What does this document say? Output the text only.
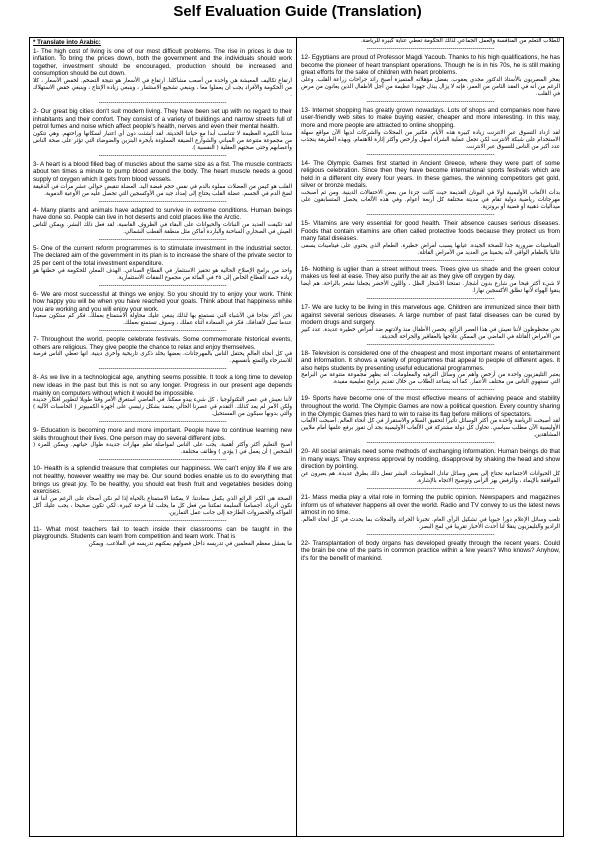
Self Evaluation Guide (Translation)
* Translate into Arabic:
1- The high cost of living is one of our most difficult problems. The rise in prices is due to inflation. To bring the prices down, both the government and the individuals should work together, investment should be encouraged, production should be increased and consumption should be cut down.
ارتفاع تكاليف المعيشة هي واحدة من أصعب مشاكلنا. ارتفاع في الأسعار هو نتيجة التضخم. لخفض الأسعار ، كلا من الحكومة والأفراد يجب أن يعملوا معا ، وينبغي تشجيع الاستثمار ، وينبغي زيادة الإنتاج ، وينبغي خفض الاستهلاك .
----------------------------------------------------------------
2- Our great big cities don't suit modern living. They have been set up with no regard to their inhabitants and their comfort. They consist of a variety of buildings and narrow streets full of petrol fumes and noise which affect people's health, nerves and even their mental health.
مدننا الكبيرة العظيمة لا تتناسب أبدا مع حياتنا الحديثة. لقد أنشئت دون أي اعتبار لسكانها وراحتهم. وهي تتكون من مجموعة متنوعة من المباني والشوارع الضيقة المملوءة بأبخرة البنزين والضوضاء التي تؤثر على صحة الناس وأعصابهم وحتى صحتهم العقلية ( النفسية ).
----------------------------------------------------------------
3- A heart is a blood filled bag of muscles about the same size as a fist. The muscle contracts about ten times a minute to pump blood around the body. The heart muscle needs a good supply of oxygen which it gets from blood vessels.
القلب هو كيس من العضلات مملوء بالدم في نفس حجم قبضة اليد. العضلة تنقبض حوالي عشر مرات في الدقيقة لضخ الدم في الجسم. عضلة القلب يحتاج إلى إمداد جيد من الأوكسجين التي تحصل عليه من الأوعية الدموية.
----------------------------------------------------------------
4- Many plants and animals have adapted to survive in extreme conditions. Human beings have done so. People can live in hot deserts and cold places like the Arctic.
لقد تكيفت العديد من النباتات والحيوانات على البقاء في الظروف القاسية. لقد فعل ذلك البشر. ويمكن للناس العيش في الصحاري الساخنة والباردة أماكن مثل منطقة القطب الشمالي.
----------------------------------------------------------------
5- One of the current reform programmes is to stimulate investment in the industrial sector. The declared aim of the government in its plan is to increase the share of the private sector to 25 per cent of the total investment expenditure.
واحد من برامج الإصلاح الحالية هو تحفيز الاستثمار في القطاع الصناعي. الهدف المعلن للحكومة في خطتها هو زيادة حصة القطاع الخاص إلى ٢٥ في المائة من مجموع النفقات الاستثمارية.
----------------------------------------------------------------
6- We are most successful at things we enjoy. So you should try to enjoy your work. Think how happy you will be when you have reached your goals. Think about that happiness while you are working and you will enjoy your work.
نحن أكثر نجاحا في الأشياء التي نستمتع بها لذلك ينبغي عليك محاولة الاستمتاع بعملك. فكر كم ستكون سعيدا عندما تصل لأهدافك. فكر في السعادة أثناء عملك ، وسوف تستمتع بعملك.
----------------------------------------------------------------
7- Throughout the world, people celebrate festivals. Some commemorate historical events, others are religious. They give people the chance to relax and enjoy themselves.
في كل أنحاء العالم يحتفل الناس بالمهرجانات، بعضها يخلد ذكرى تاريخية وأخرى دينية. انها تعطي الناس فرصة للاسترخاء والتمتع بأنفسهم.
----------------------------------------------------------------
8- As we live in a technological age, anything seems possible. It took a long time to develop new ideas in the past but this is not so any longer. Progress in our present age depends mainly on computers without which it would be impossible.
لأننا نعيش في عصر التكنولوجيا ، كل شيء يبدو ممكنا. في الماضي استغرق الأمر وقتا طويلا لتطوير أفكار جديدة ولكن الأمر لم يعد كذلك. التقدم في عصرنا الحالي يعتمد بشكل رئيسي على أجهزة الكمبيوتر ( الحاسبات الآلية ) والتي بدونها سيكون من المستحيل.
----------------------------------------------------------------
9- Education is becoming more and more important. People have to continue learning new skills throughout their lives. One person may do several different jobs.
أصبح التعليم أكثر وأكثر أهمية. يجب على الناس لمواصلة تعلم مهارات جديدة طوال حياتهم. ويمكن للمرء ( الشخص ) أن يعمل في ( يؤدي ) وظائف مختلفة.
----------------------------------------------------------------
10- Health is a splendid treasure that completes our happiness. We can't enjoy life if we are not healthy, however wealthy we may be. Our sound bodies enable us to do everything that brings us great joy. To be healthy, you should eat fresh fruit and vegetables besides doing exercises.
الصحة هي الكنز الرائع الذي يكمل سعادتنا. لا يمكننا الاستمتاع بالحياة إذا لم نكن أصحاء على الرغم من أننا قد نكون أثرياء. أجسامنا السليمة تمكننا من فعل كل ما يجلب لنا فرحة كبيرة. لكي تكون صحيحا ، يجب عليك أكل الفواكه والخضروات الطازجة إلى جانب عمل التمارين.
----------------------------------------------------------------
11- What most teachers fail to teach inside their classrooms can be taught in the playgrounds. Students can learn from competition and team work. That is
ما يفشل معظم المعلمين في تدريسه داخل فصولهم يمكنهم تدريسه في الملاعب. ويمكن
للطلاب التعلم من المنافسة والعمل الجماعي لذلك الحكومة تعطي عناية كبيرة للرياضة.
----------------------------------------------------------------
12- Egyptians are proud of Professor Magdi Yacoub. Thanks to his high qualifications, he has become the pioneer of heart transplant operations. Though he is in his 70s, he is still making great efforts for the sake of children with heart problems.
يفخر المصريون بالأستاذ الدكتور مجدي يعقوب. بفضل مؤهلاته المتميزة أصبح رائد جراحات زراعة القلب. وعلى الرغم من أنه في العقد الثامن من العمر، فإنه لا يزال يبذل جهودا عظيمة من أجل الأطفال الذين يعانون من مرض في القلب.
----------------------------------------------------------------
13- Internet shopping has greatly grown nowadays. Lots of shops and companies now have user-friendly web sites to make buying easier, cheaper and more interesting. In this way, more and more people are attracted to online shopping.
لقد ازداد التسوق عبر الانترنت زيادة كبيرة هذه الأيام. فكثير من المحلات والشركات لديها الآن مواقع سهلة الاستخدام على شبكة الانترنت لكي تجعل عملية الشراء أسهل وأرخص وأكثر إثارة للاهتمام. وبهذه الطريقة ينجذب عدد أكبر من الناس للتسوق عبر الانترنت.
----------------------------------------------------------------
14- The Olympic Games first started in Ancient Greece, where they were part of some religious celebration. Since then they have become international sports festivals which are held in a different city every four years. In these games, the winning competitors get gold, silver or bronze medals.
بدأت الألعاب الأوليمبية أولا في اليونان القديمة حيث كانت جزءا من بعض الاحتفالات الدينية. ومن ثم أصبحت مهرجانات رياضية دولية تقام في مدينة مختلفة كل أربعة أعوام. وفي هذه الألعاب يحصل المتسابقون على ميداليات ذهبية أو فضية أو برونزية.
----------------------------------------------------------------
15- Vitamins are very essential for good health. Their absence causes serious diseases. Foods that contain vitamins are often called protective foods because they protect us from many fatal diseases.
الفيتامينات ضرورية جدا للصحة الجيدة. غيابها يسبب أمراض خطيرة. الطعام الذي يحتوي على فيتامينات يسمى غالبا بالطعام الواقي لأنه يحمينا من العديد من الأمراض القاتلة.
----------------------------------------------------------------
16- Nothing is uglier than a street without trees. Trees give us shade and the green colour makes us feel at ease. They also purify the air as they give off oxygen by day.
لا شيء أكثر قبحا من شارع بدون أشجار. تمنحنا الأشجار الظل ، واللون الأخضر يجعلنا نشعر بالراحة. هم أيضا ينقوا الهواء لأنها تطلق الأكسجين نهارا.
----------------------------------------------------------------
17- We are lucky to be living in this marvelous age. Children are immunized since their birth against several serious diseases. A large number of past fatal diseases can be cured by modern drugs and surgery.
نحن محظوظون لأننا نعيش في هذا العصر الرائع. يحصن الأطفال منذ ولادتهم ضد أمراض خطيرة عديدة. عدد كبير من الأمراض القاتلة في الماضي من الممكن علاجها بالعقاقير والجراحة الحديثة.
----------------------------------------------------------------
18- Television is considered one of the cheapest and most important means of entertainment and information. It shows a variety of programmes that appeal to people of different ages. It also helps students by presenting useful educational programmes.
يعتبر التليفزيون واحدة من أرخص وأهم من وسائل الترفيه والمعلومات. انه يظهر مجموعة متنوعة من البرامج التي تستهوي الناس من مختلف الأعمار. كما أنه يساعد الطلاب من خلال تقديم برامج تعليمية مفيدة.
----------------------------------------------------------------
19- Sports have become one of the most effective means of achieving peace and stability throughout the world. The Olympic Games are now a political question. Every country sharing in the Olympic Games tries hard to win to raise its flag before millions of spectators.
لقد أصبحت الرياضة واحدة من أكثر الوسائل تأثيرا لتحقيق السلام والاستقرار في كل أنحاء العالم. أصبحت الألعاب الأوليمبية الآن مطلب سياسي. تحاول كل دولة مشتركة في الألعاب الأوليمبية بجد أن تفوز برفع علمها أمام ملايين المشاهدين.
----------------------------------------------------------------
20- All social animals need some methods of exchanging information. Human beings do that in many ways. They express approval by nodding, disapproval by shaking the head and show direction by pointing.
كل الحيوانات الاجتماعية تحتاج إلى بعض وسائل تبادل المعلومات. البشر تفعل ذلك بطرق عديدة. هم يعبرون عن الموافقة بالإيماء ، والرفض بهز الرأس وتوضيح الاتجاه بالإشارة.
----------------------------------------------------------------
21- Mass media play a vital role in forming the public opinion. Newspapers and magazines inform us of whatever happens all over the world. Radio and TV convey to us the latest news almost in no time.
تلعب وسائل الإعلام دورا حيويا في تشكيل الرأي العام. تخبرنا الجرائد والمجلات بما يحدث في كل انحاء العالم. الراديو والتليفزيون ينقلا لنا أحدث الأخبار تقريبا في لمح البصر.
----------------------------------------------------------------
22- Transplantation of body organs has developed greatly through the recent years. Could the brain be one of the parts in common practice within a few years? Who knows? Anyhow, it's for the benefit of mankind.
